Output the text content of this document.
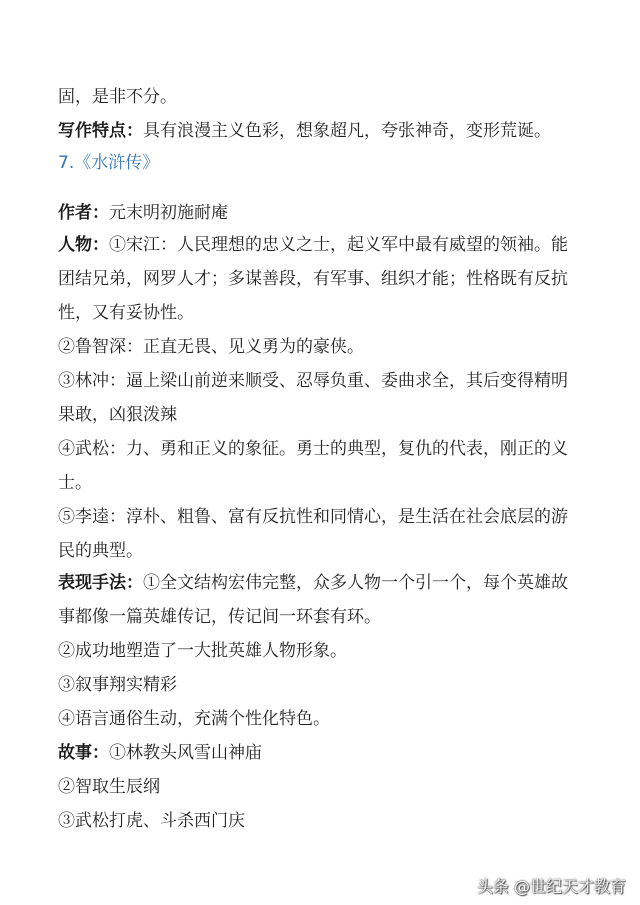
固，是非不分。
写作特点：具有浪漫主义色彩，想象超凡，夸张神奇，变形荒诞。
7.《水浒传》
作者：元末明初施耐庵
人物：①宋江：人民理想的忠义之士，起义军中最有威望的领袖。能
团结兄弟，网罗人才；多谋善段，有军事、组织才能；性格既有反抗
性，又有妥协性。
②鲁智深：正直无畏、见义勇为的豪侠。
③林冲：逼上梁山前逆来顺受、忍辱负重、委曲求全，其后变得精明
果敢，凶狠泼辣
④武松：力、勇和正义的象征。勇士的典型，复仇的代表，刚正的义
士。
⑤李逵：淳朴、粗鲁、富有反抗性和同情心，是生活在社会底层的游
民的典型。
表现手法：①全文结构宏伟完整，众多人物一个引一个，每个英雄故
事都像一篇英雄传记，传记间一环套有环。
②成功地塑造了一大批英雄人物形象。
③叙事翔实精彩
④语言通俗生动，充满个性化特色。
故事：①林教头风雪山神庙
②智取生辰纲
③武松打虎、斗杀西门庆
头条 @世纪天才教育
